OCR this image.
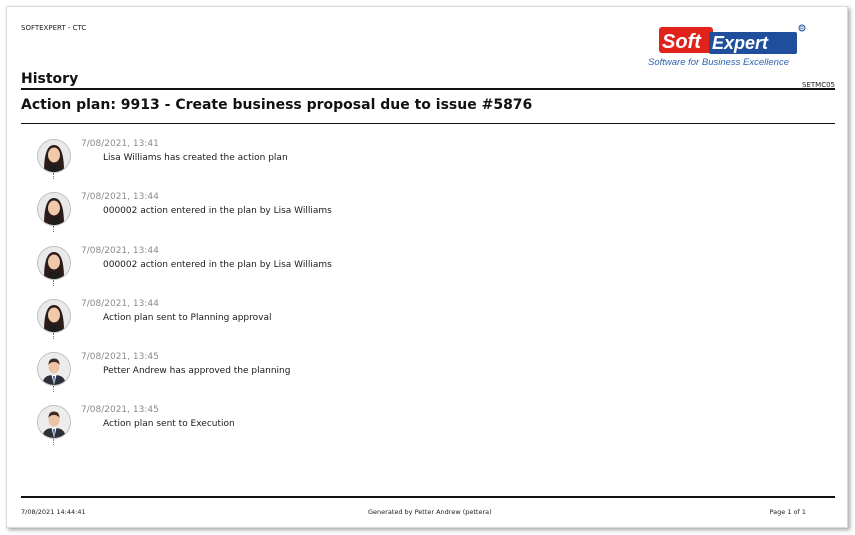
SOFTEXPERT - CTC
Soft Expert
R
Software for Business Excellence
History	SETMC05
Action plan: 9913 - Create business proposal due to issue #5876
7/08/2021, 13:41
Lisa Williams has created the action plan
7/08/2021, 13:44
000002 action entered in the plan by Lisa Williams
7/08/2021, 13:44
000002 action entered in the plan by Lisa Williams
7/08/2021, 13:44
Action plan sent to Planning approval
7/08/2021, 13:45
Petter Andrew has approved the planning
7/08/2021, 13:45
Action plan sent to Execution
7/08/2021 14:44:41	Generated by Petter Andrew (pettera)	Page 1 of 1
